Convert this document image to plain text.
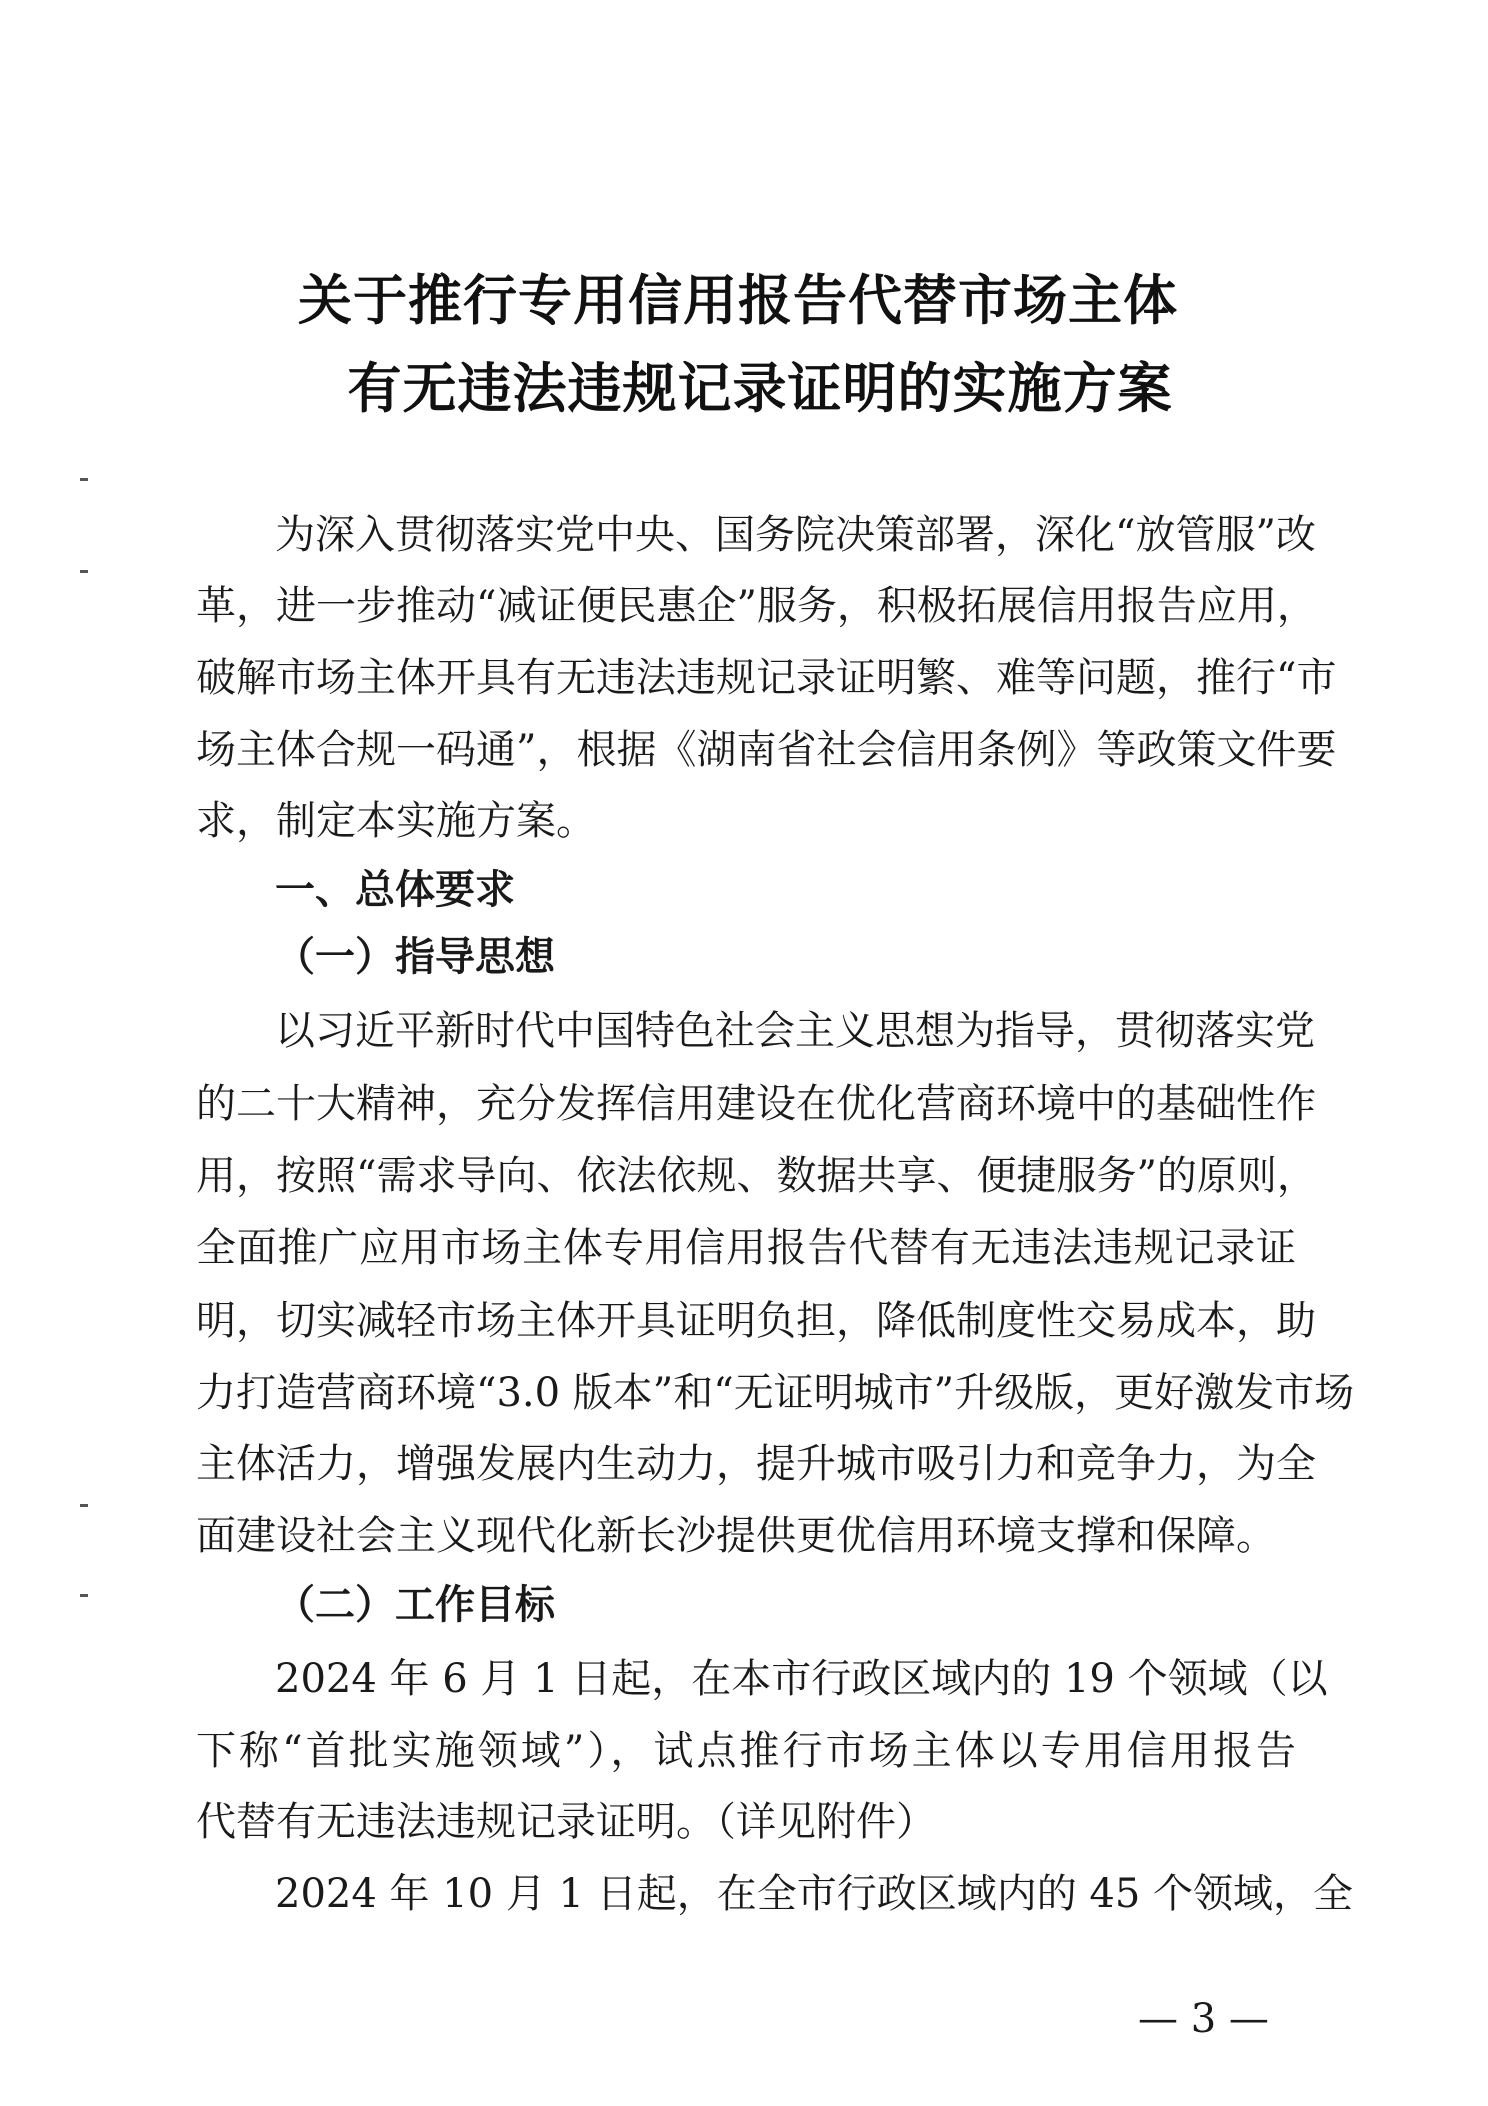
关于推行专用信用报告代替市场主体
有无违法违规记录证明的实施方案
为深入贯彻落实党中央、国务院决策部署，深化“放管服”改
革，进一步推动“减证便民惠企”服务，积极拓展信用报告应用，
破解市场主体开具有无违法违规记录证明繁、难等问题，推行“市
场主体合规一码通”，根据《湖南省社会信用条例》等政策文件要
求，制定本实施方案。
一、总体要求
（一）指导思想
以习近平新时代中国特色社会主义思想为指导，贯彻落实党
的二十大精神，充分发挥信用建设在优化营商环境中的基础性作
用，按照“需求导向、依法依规、数据共享、便捷服务”的原则，
全面推广应用市场主体专用信用报告代替有无违法违规记录证
明，切实减轻市场主体开具证明负担，降低制度性交易成本，助
力打造营商环境“3.0 版本”和“无证明城市”升级版，更好激发市场
主体活力，增强发展内生动力，提升城市吸引力和竞争力，为全
面建设社会主义现代化新长沙提供更优信用环境支撑和保障。
（二）工作目标
2024 年 6 月 1 日起，在本市行政区域内的 19 个领域（以
下称“首批实施领域”），试点推行市场主体以专用信用报告
代替有无违法违规记录证明。（详见附件）
2024 年 10 月 1 日起，在全市行政区域内的 45 个领域，全
— 3 —
